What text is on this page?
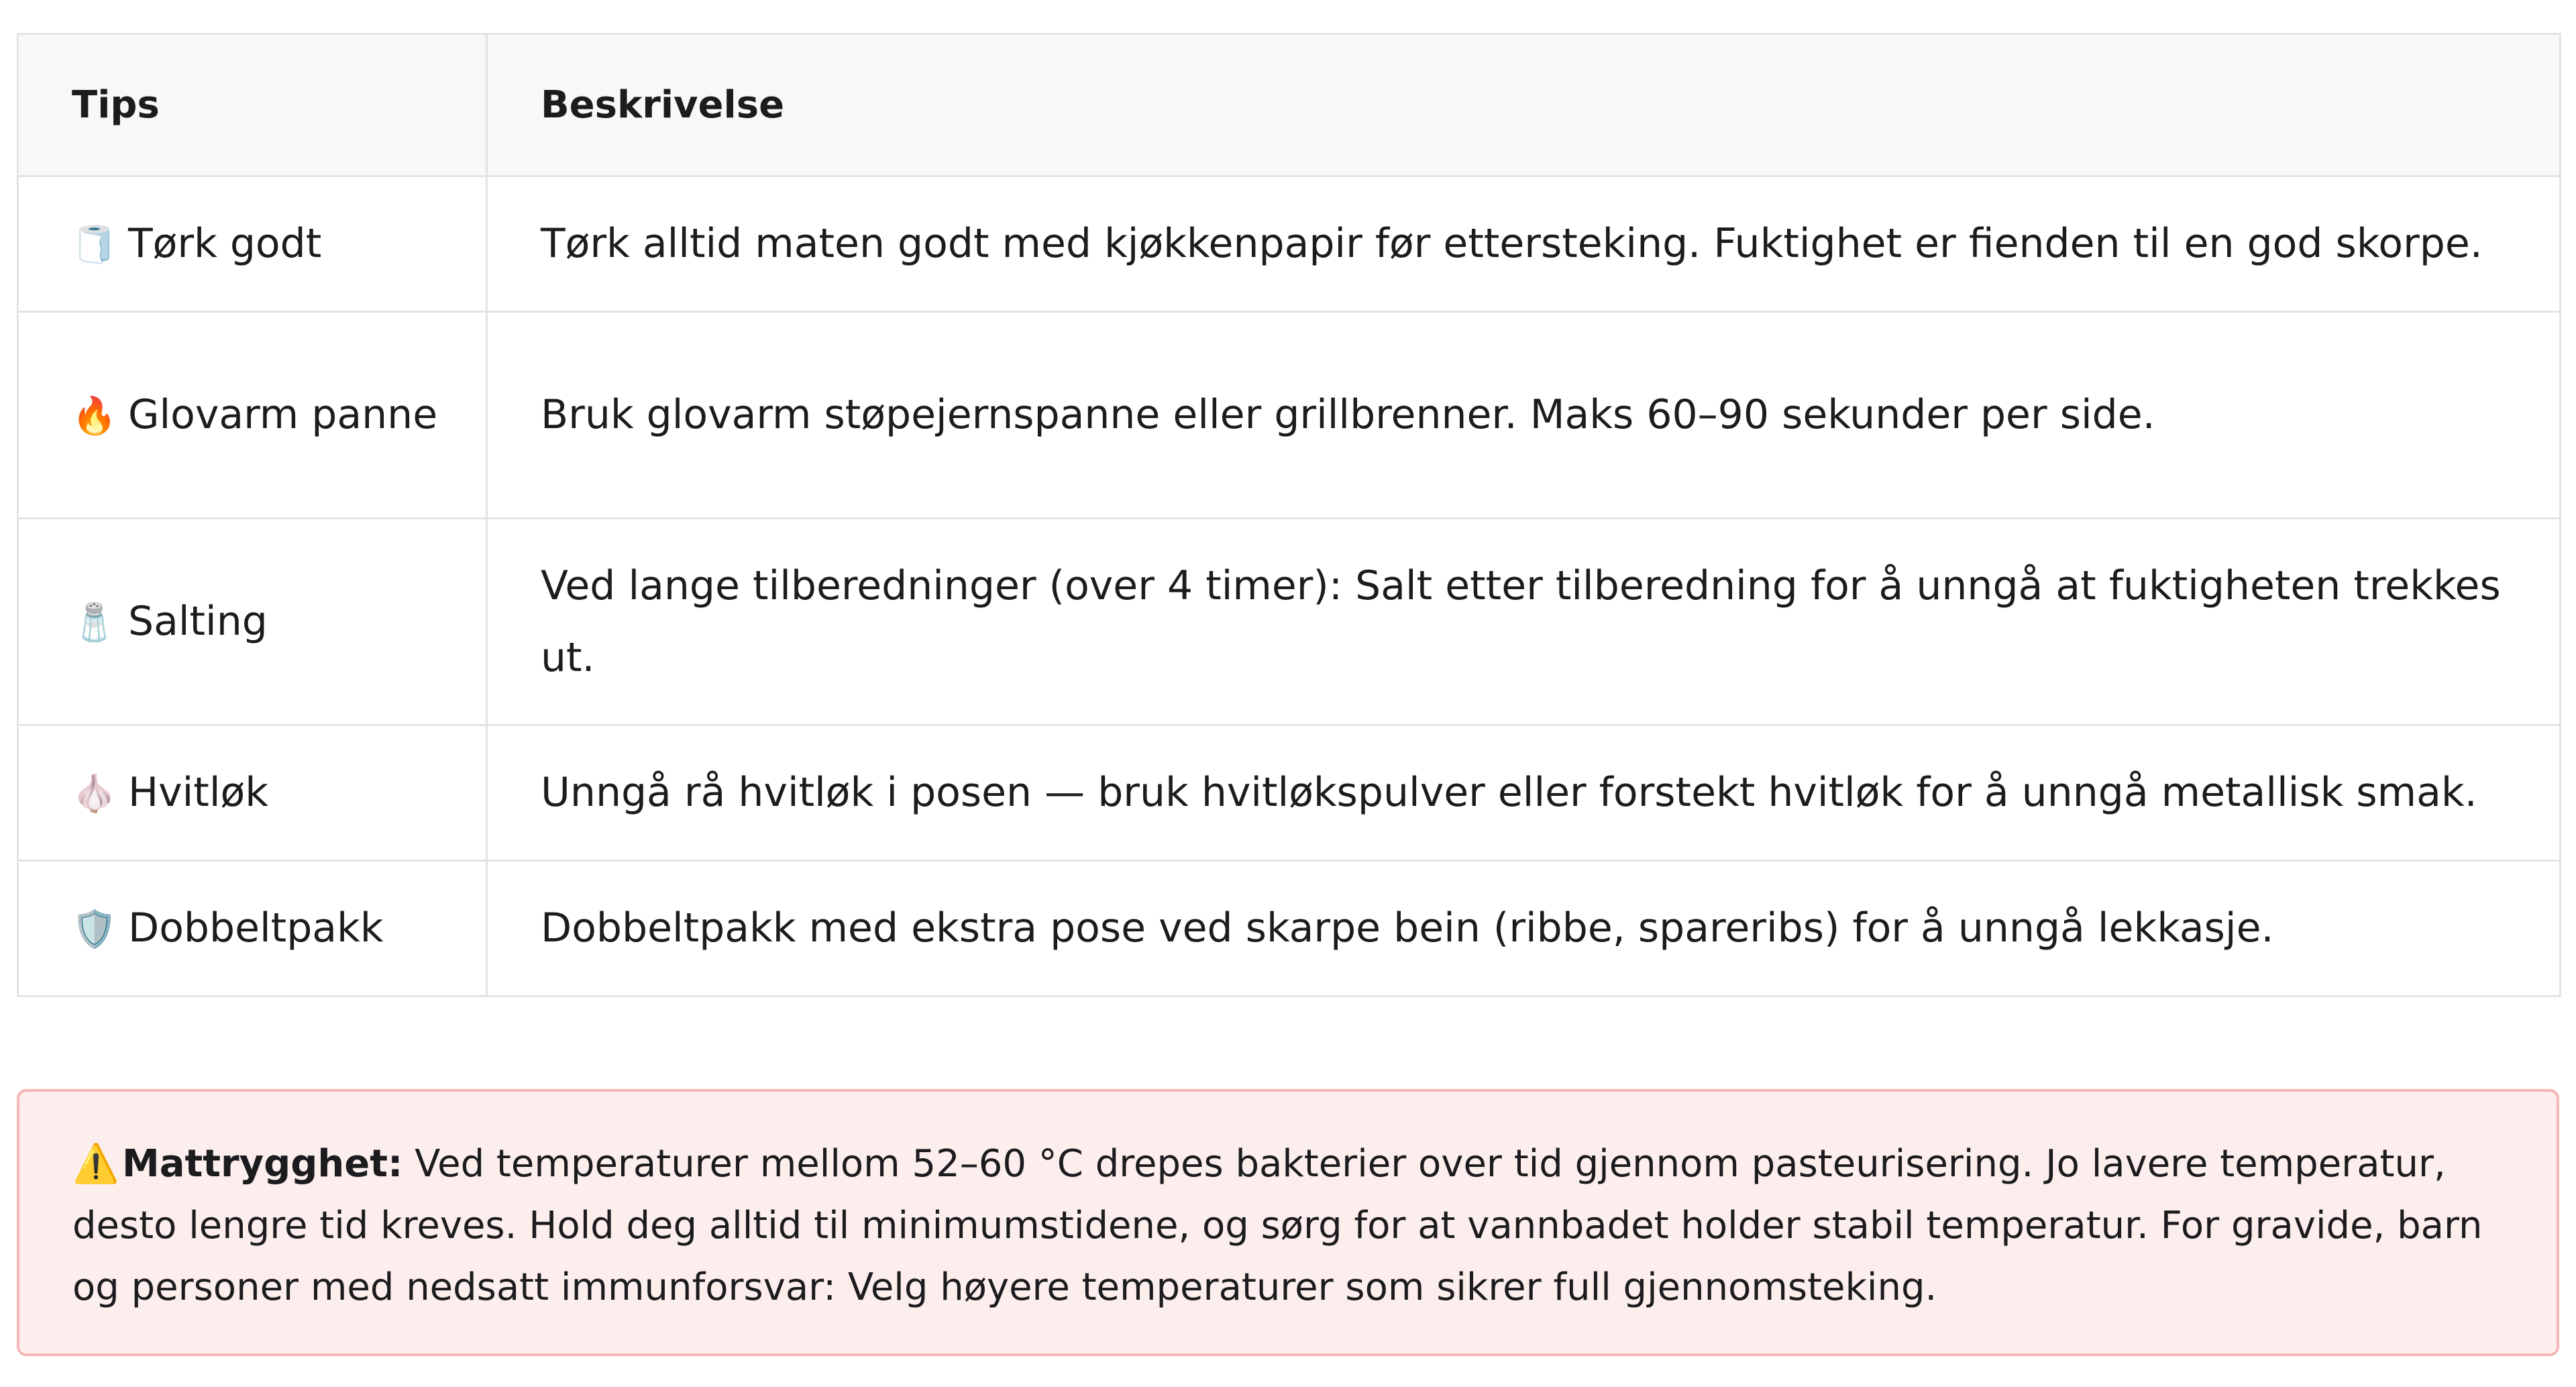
Tips	Beskrivelse
🧻 Tørk godt	Tørk alltid maten godt med kjøkkenpapir før ettersteking. Fuktighet er fienden til en god skorpe.
🔥 Glovarm panne	Bruk glovarm støpejernspanne eller grillbrenner. Maks 60–90 sekunder per side.
🧂 Salting	Ved lange tilberedninger (over 4 timer): Salt etter tilberedning for å unngå at fuktigheten trekkes ut.
🧄 Hvitløk	Unngå rå hvitløk i posen — bruk hvitløkspulver eller forstekt hvitløk for å unngå metallisk smak.
🛡️ Dobbeltpakk	Dobbeltpakk med ekstra pose ved skarpe bein (ribbe, spareribs) for å unngå lekkasje.
⚠️Mattrygghet: Ved temperaturer mellom 52–60 °C drepes bakterier over tid gjennom pasteurisering. Jo lavere temperatur, desto lengre tid kreves. Hold deg alltid til minimumstidene, og sørg for at vannbadet holder stabil temperatur. For gravide, barn og personer med nedsatt immunforsvar: Velg høyere temperaturer som sikrer full gjennomsteking.
